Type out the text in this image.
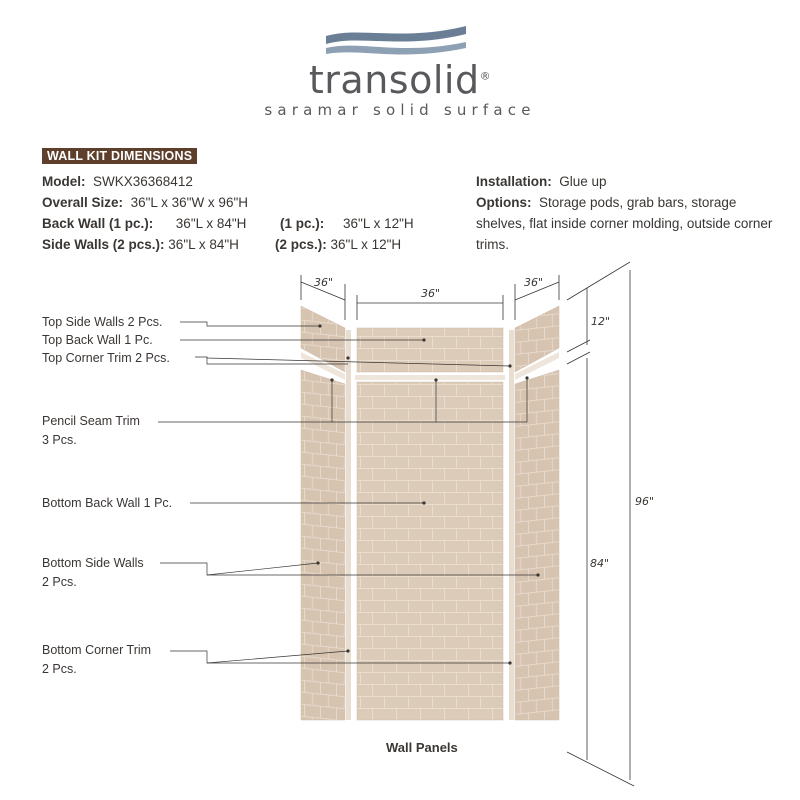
transolid®
saramar solid surface
WALL KIT DIMENSIONS
Model: SWKX36368412
Overall Size: 36"L x 36"W x 96"H
Back Wall (1 pc.): 36"L x 84"H (1 pc.): 36"L x 12"H
Side Walls (2 pcs.): 36"L x 84"H	(2 pcs.): 36"L x 12"H
Installation: Glue up
Options: Storage pods, grab bars, storage shelves, flat inside corner molding, outside corner trims.
36"
36"
36"
12"
84"
96"
Top Side Walls 2 Pcs.
Top Back Wall 1 Pc.
Top Corner Trim 2 Pcs.
Pencil Seam Trim
3 Pcs.
Bottom Back Wall 1 Pc.
Bottom Side Walls
2 Pcs.
Bottom Corner Trim
2 Pcs.
Wall Panels
